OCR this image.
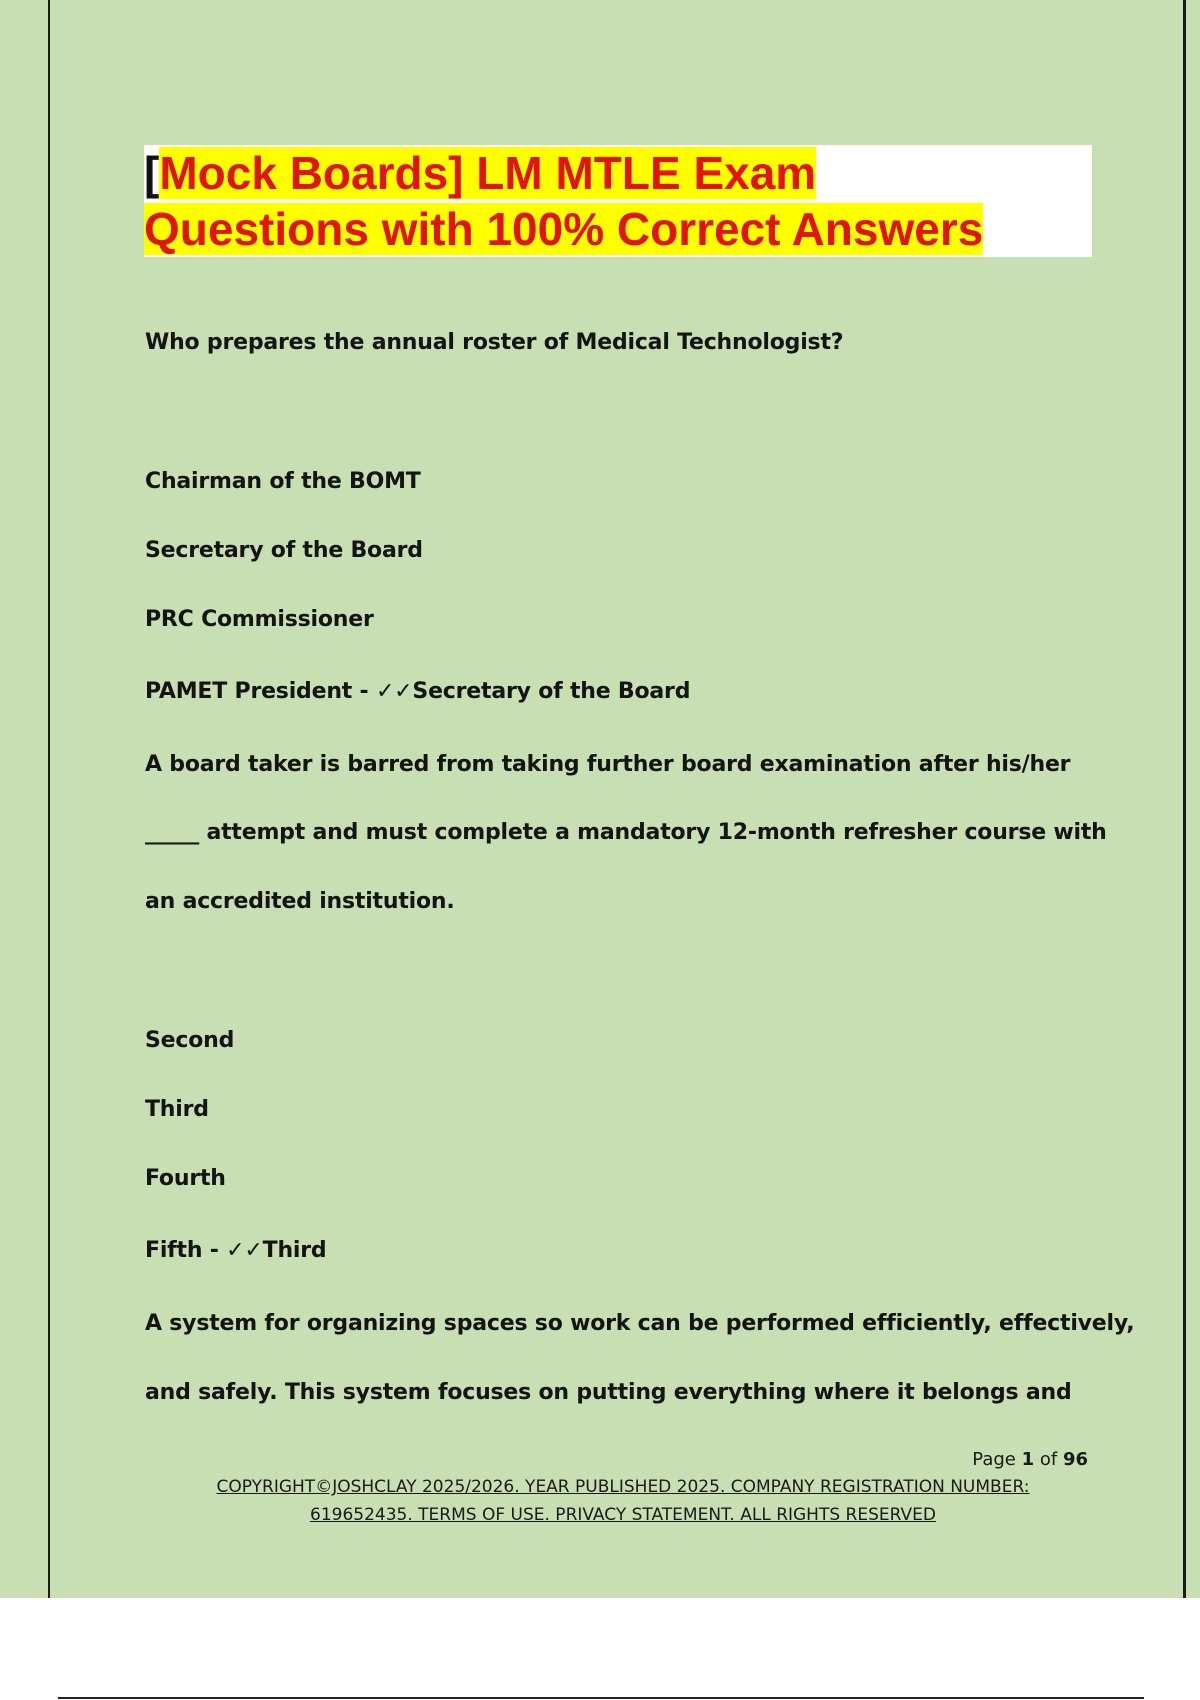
[Mock Boards] LM MTLE Exam
Questions with 100% Correct Answers

Who prepares the annual roster of Medical Technologist?

Chairman of the BOMT

Secretary of the Board

PRC Commissioner

PAMET President - ✓✓Secretary of the Board

A board taker is barred from taking further board examination after his/her

_____ attempt and must complete a mandatory 12-month refresher course with

an accredited institution.

Second

Third

Fourth

Fifth - ✓✓Third

A system for organizing spaces so work can be performed efficiently, effectively,

and safely. This system focuses on putting everything where it belongs and

Page 1 of 96
COPYRIGHT©JOSHCLAY 2025/2026. YEAR PUBLISHED 2025. COMPANY REGISTRATION NUMBER:
619652435. TERMS OF USE. PRIVACY STATEMENT. ALL RIGHTS RESERVED
